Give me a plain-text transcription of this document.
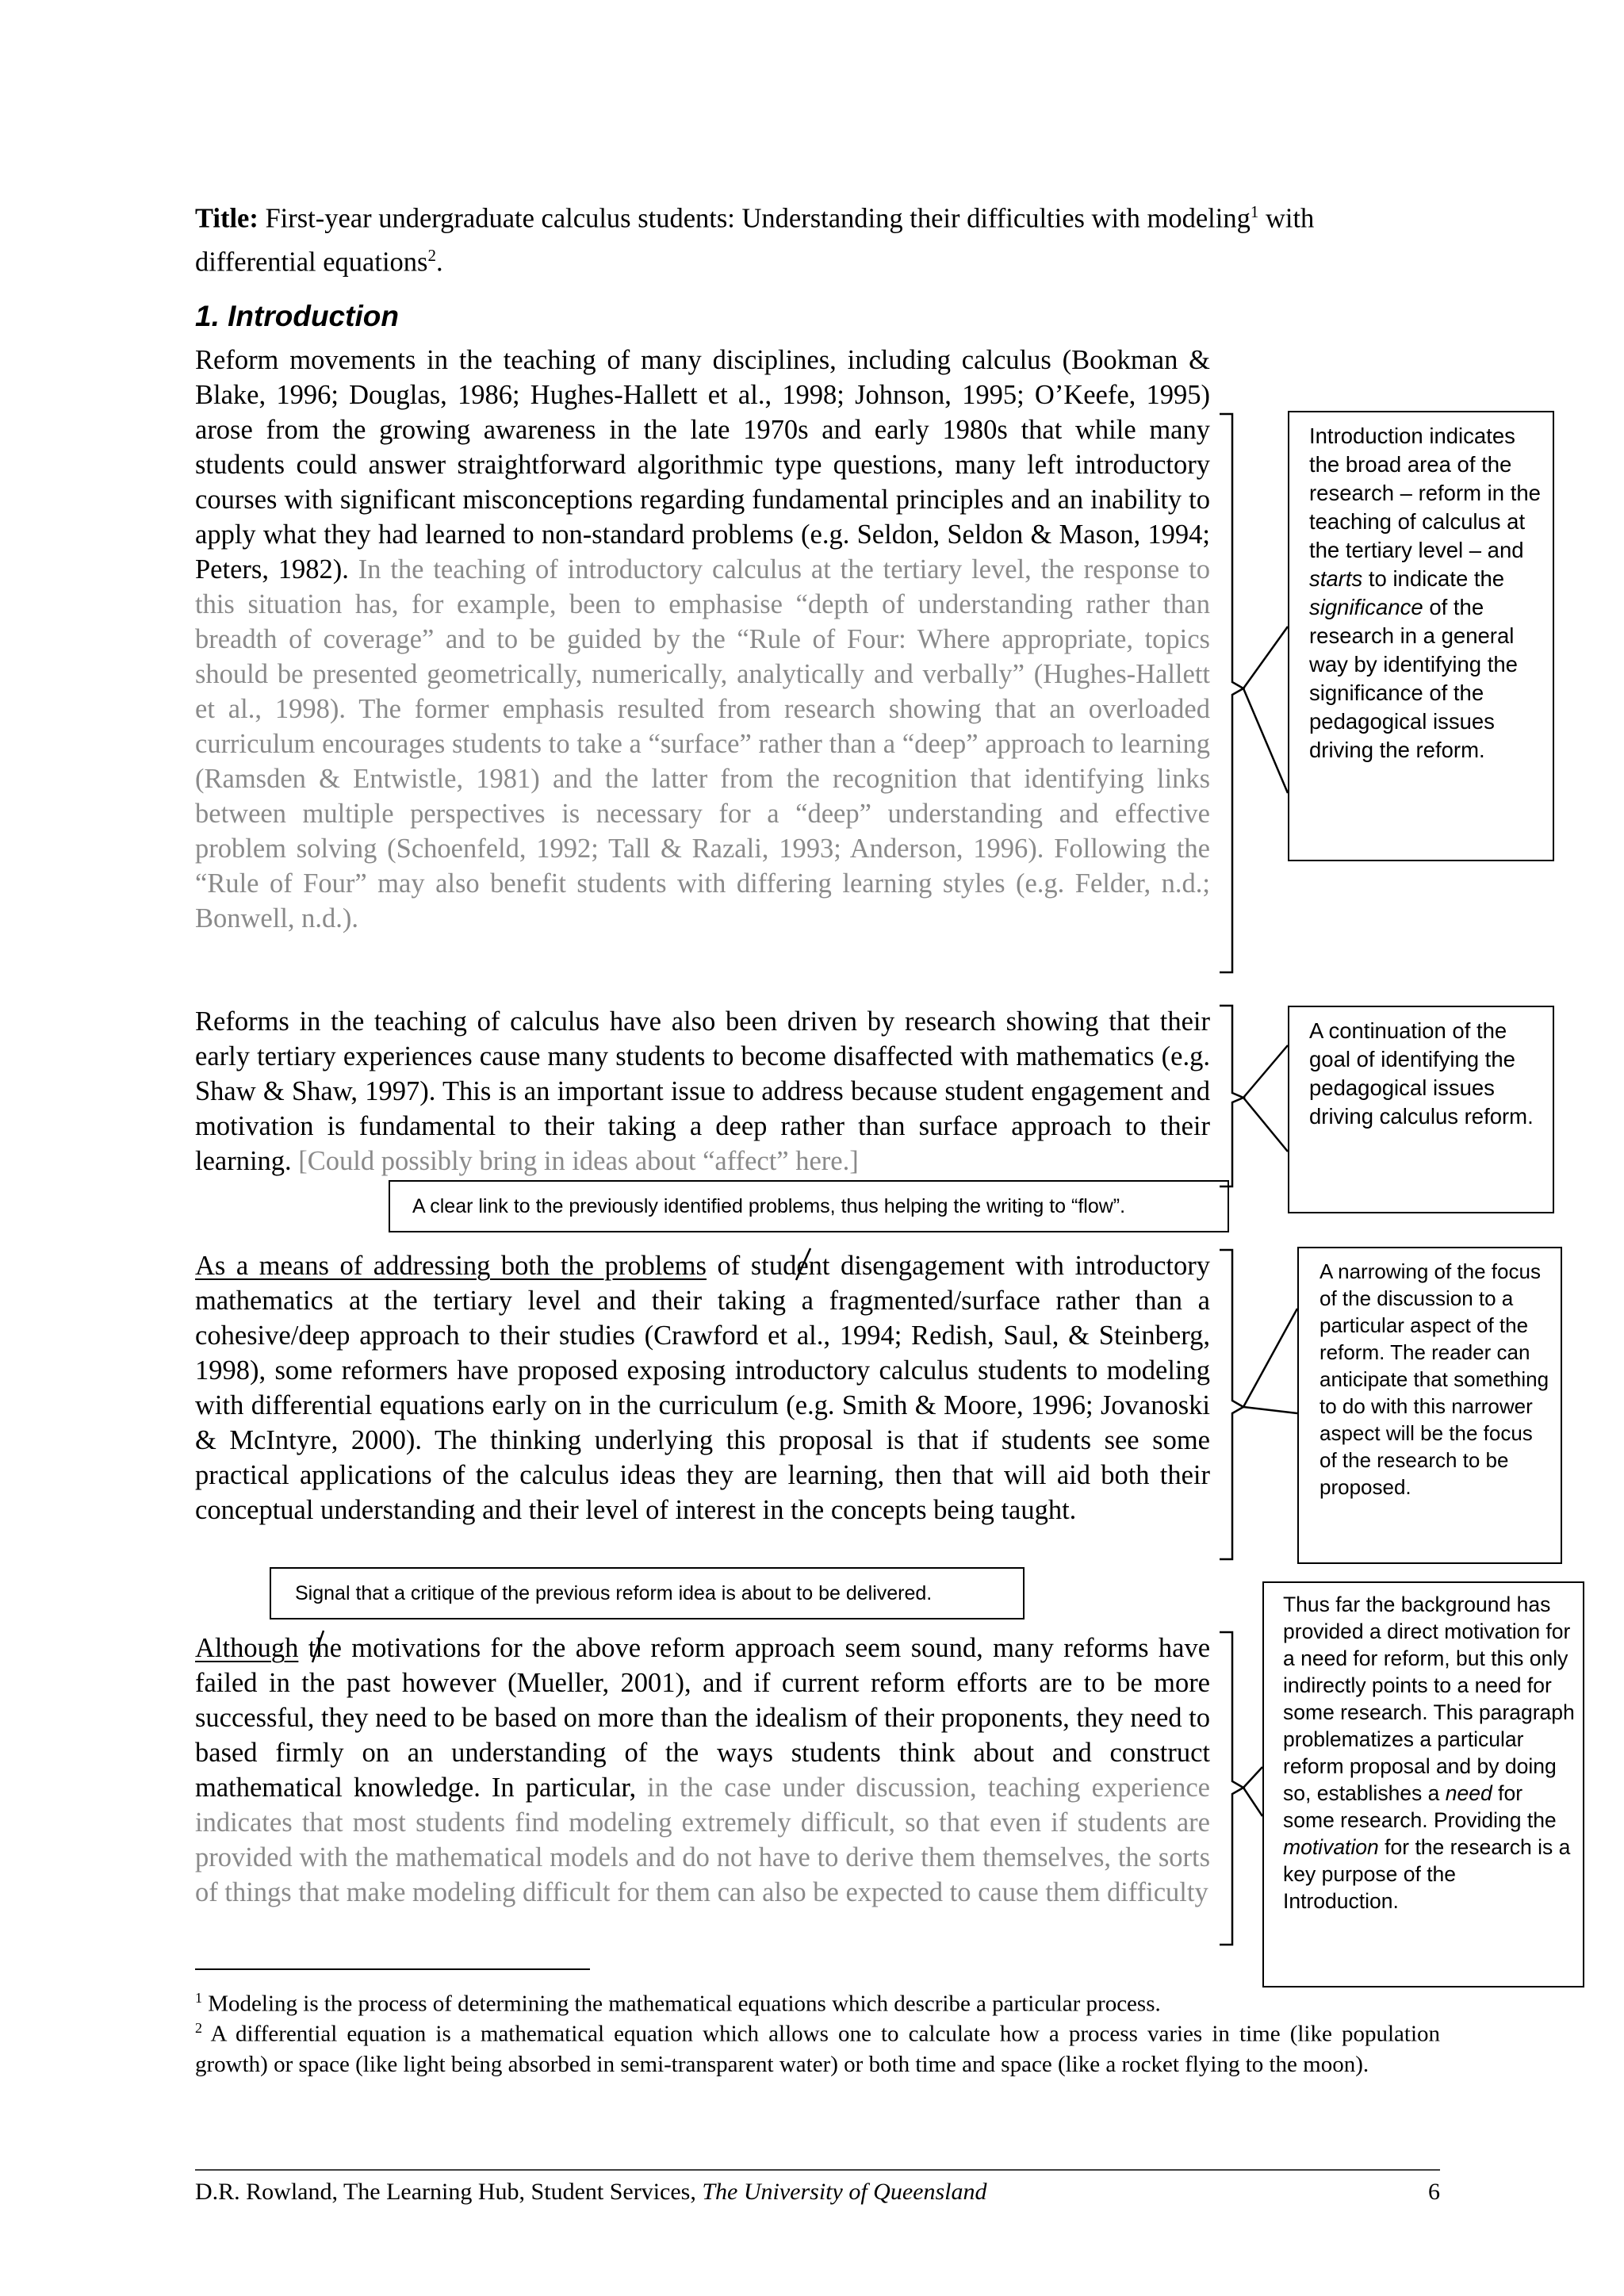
Title: First-year undergraduate calculus students: Understanding their difficulties with modeling$^1$ with differential equations$^2$.
1. Introduction
Reform movements in the teaching of many disciplines, including calculus (Bookman & Blake, 1996; Douglas, 1986; Hughes-Hallett et al., 1998; Johnson, 1995; O’Keefe, 1995) arose from the growing awareness in the late 1970s and early 1980s that while many students could answer straightforward algorithmic type questions, many left introductory courses with significant misconceptions regarding fundamental principles and an inability to apply what they had learned to non-standard problems (e.g. Seldon, Seldon & Mason, 1994; Peters, 1982). In the teaching of introductory calculus at the tertiary level, the response to this situation has, for example, been to emphasise “depth of understanding rather than breadth of coverage” and to be guided by the “Rule of Four: Where appropriate, topics should be presented geometrically, numerically, analytically and verbally” (Hughes-Hallett et al., 1998). The former emphasis resulted from research showing that an overloaded curriculum encourages students to take a “surface” rather than a “deep” approach to learning (Ramsden & Entwistle, 1981) and the latter from the recognition that identifying links between multiple perspectives is necessary for a “deep” understanding and effective problem solving (Schoenfeld, 1992; Tall & Razali, 1993; Anderson, 1996). Following the “Rule of Four” may also benefit students with differing learning styles (e.g. Felder, n.d.; Bonwell, n.d.).
Reforms in the teaching of calculus have also been driven by research showing that their early tertiary experiences cause many students to become disaffected with mathematics (e.g. Shaw & Shaw, 1997). This is an important issue to address because student engagement and motivation is fundamental to their taking a deep rather than surface approach to their learning. [Could possibly bring in ideas about “affect” here.]
As a means of addressing both the problems of student disengagement with introductory mathematics at the tertiary level and their taking a fragmented/surface rather than a cohesive/deep approach to their studies (Crawford et al., 1994; Redish, Saul, & Steinberg, 1998), some reformers have proposed exposing introductory calculus students to modeling with differential equations early on in the curriculum (e.g. Smith & Moore, 1996; Jovanoski & McIntyre, 2000). The thinking underlying this proposal is that if students see some practical applications of the calculus ideas they are learning, then that will aid both their conceptual understanding and their level of interest in the concepts being taught.
Although the motivations for the above reform approach seem sound, many reforms have failed in the past however (Mueller, 2001), and if current reform efforts are to be more successful, they need to be based on more than the idealism of their proponents, they need to based firmly on an understanding of the ways students think about and construct mathematical knowledge. In particular, in the case under discussion, teaching experience indicates that most students find modeling extremely difficult, so that even if students are provided with the mathematical models and do not have to derive them themselves, the sorts of things that make modeling difficult for them can also be expected to cause them difficulty
Introduction indicates the broad area of the research – reform in the teaching of calculus at the tertiary level – and starts to indicate the significance of the research in a general way by identifying the significance of the pedagogical issues driving the reform.
A continuation of the goal of identifying the pedagogical issues driving calculus reform.
A clear link to the previously identified problems, thus helping the writing to “flow”.
A narrowing of the focus of the discussion to a particular aspect of the reform. The reader can anticipate that something to do with this narrower aspect will be the focus of the research to be proposed.
Signal that a critique of the previous reform idea is about to be delivered.	Thus far the background has provided a direct motivation for a need for reform, but this only indirectly points to a need for some research. This paragraph problematizes a particular reform proposal and by doing so, establishes a need for some research. Providing the motivation for the research is a key purpose of the Introduction.
$^1$ Modeling is the process of determining the mathematical equations which describe a particular process.
$^2$ A differential equation is a mathematical equation which allows one to calculate how a process varies in time (like population growth) or space (like light being absorbed in semi-transparent water) or both time and space (like a rocket flying to the moon).
D.R. Rowland, The Learning Hub, Student Services, The University of Queensland	6
